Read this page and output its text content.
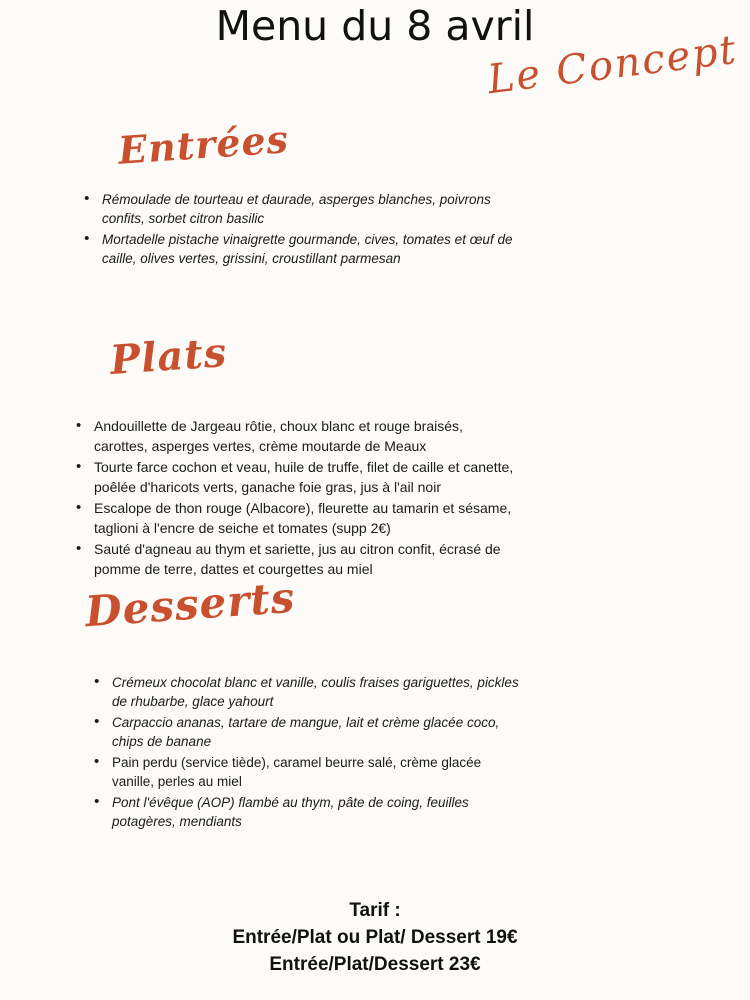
Menu du 8 avril
Le Concept
Entrées
• Rémoulade de tourteau et daurade, asperges blanches, poivrons confits, sorbet citron basilic
• Mortadelle pistache vinaigrette gourmande, cives, tomates et œuf de caille, olives vertes, grissini, croustillant parmesan
Plats
• Andouillette de Jargeau rôtie, choux blanc et rouge braisés, carottes, asperges vertes, crème moutarde de Meaux
• Tourte farce cochon et veau, huile de truffe, filet de caille et canette, poêlée d'haricots verts, ganache foie gras, jus à l'ail noir
• Escalope de thon rouge (Albacore), fleurette au tamarin et sésame, taglioni à l'encre de seiche et tomates (supp 2€)
• Sauté d'agneau au thym et sariette, jus au citron confit, écrasé de pomme de terre, dattes et courgettes au miel
Desserts
• Crémeux chocolat blanc et vanille, coulis fraises gariguettes, pickles de rhubarbe, glace yahourt
• Carpaccio ananas, tartare de mangue, lait et crème glacée coco, chips de banane
• Pain perdu (service tiède), caramel beurre salé, crème glacée vanille, perles au miel
• Pont l'évêque (AOP) flambé au thym, pâte de coing, feuilles potagères, mendiants
Tarif :
Entrée/Plat ou Plat/ Dessert 19€
Entrée/Plat/Dessert 23€
